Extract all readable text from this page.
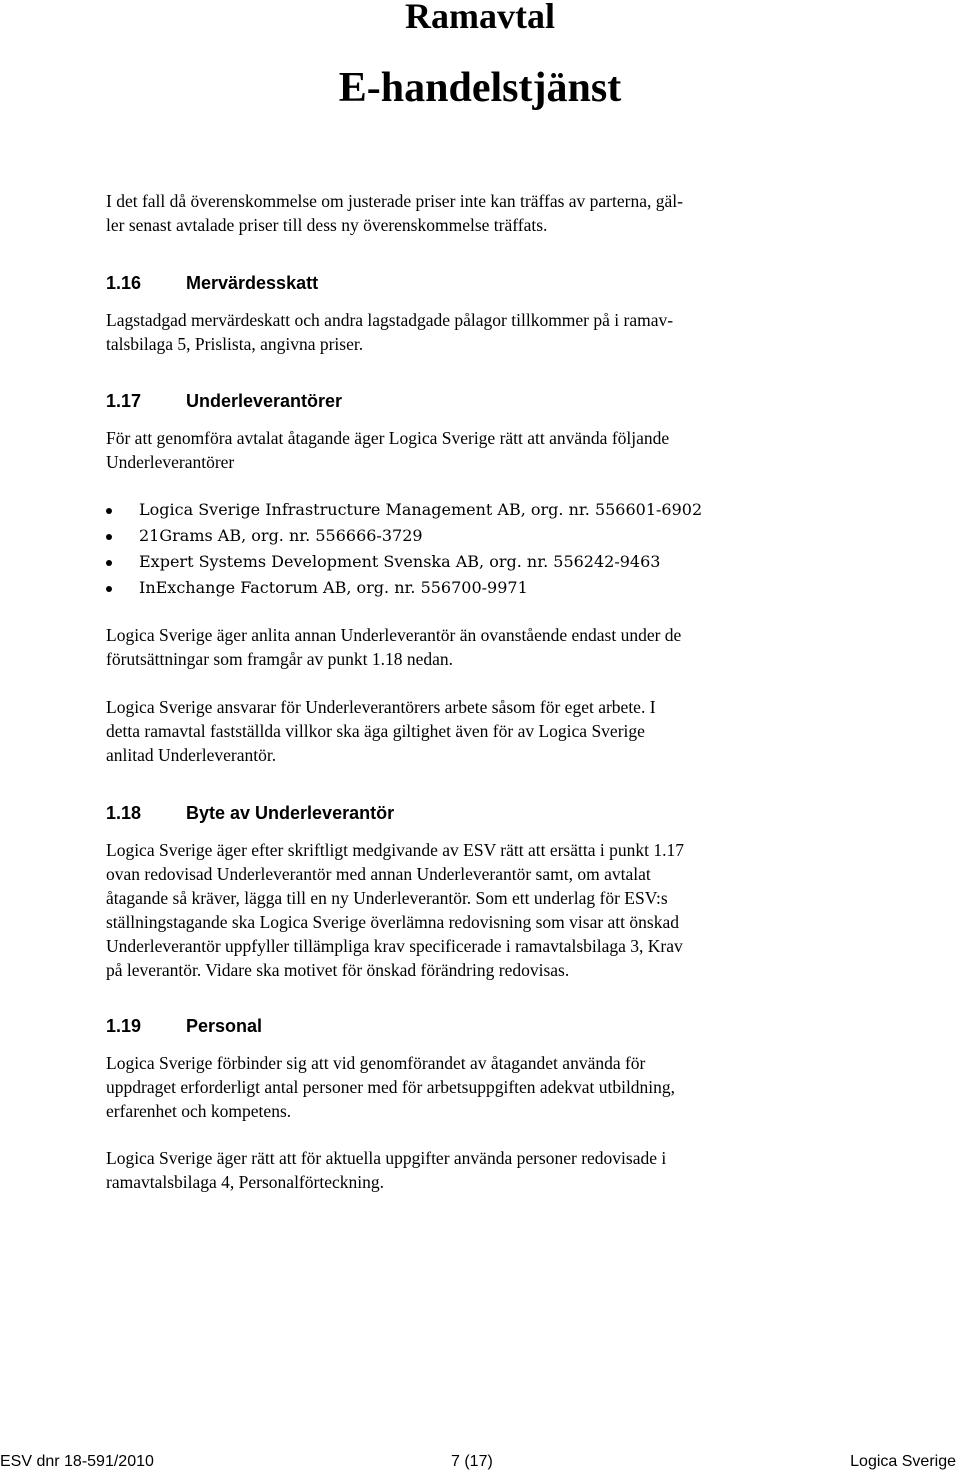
Ramavtal
E-handelstjänst
I det fall då överenskommelse om justerade priser inte kan träffas av parterna, gäl-
ler senast avtalade priser till dess ny överenskommelse träffats.
1.16 Mervärdesskatt
Lagstadgad mervärdeskatt och andra lagstadgade pålagor tillkommer på i ramav-
talsbilaga 5, Prislista, angivna priser.
1.17 Underleverantörer
För att genomföra avtalat åtagande äger Logica Sverige rätt att använda följande
Underleverantörer
Logica Sverige Infrastructure Management AB, org. nr. 556601-6902
21Grams AB, org. nr. 556666-3729
Expert Systems Development Svenska AB, org. nr. 556242-9463
InExchange Factorum AB, org. nr. 556700-9971
Logica Sverige äger anlita annan Underleverantör än ovanstående endast under de
förutsättningar som framgår av punkt 1.18 nedan.
Logica Sverige ansvarar för Underleverantörers arbete såsom för eget arbete. I
detta ramavtal fastställda villkor ska äga giltighet även för av Logica Sverige
anlitad Underleverantör.
1.18 Byte av Underleverantör
Logica Sverige äger efter skriftligt medgivande av ESV rätt att ersätta i punkt 1.17
ovan redovisad Underleverantör med annan Underleverantör samt, om avtalat
åtagande så kräver, lägga till en ny Underleverantör. Som ett underlag för ESV:s
ställningstagande ska Logica Sverige överlämna redovisning som visar att önskad
Underleverantör uppfyller tillämpliga krav specificerade i ramavtalsbilaga 3, Krav
på leverantör. Vidare ska motivet för önskad förändring redovisas.
1.19 Personal
Logica Sverige förbinder sig att vid genomförandet av åtagandet använda för
uppdraget erforderligt antal personer med för arbetsuppgiften adekvat utbildning,
erfarenhet och kompetens.
Logica Sverige äger rätt att för aktuella uppgifter använda personer redovisade i
ramavtalsbilaga 4, Personalförteckning.
ESV dnr 18-591/2010	7 (17)	Logica Sverige
